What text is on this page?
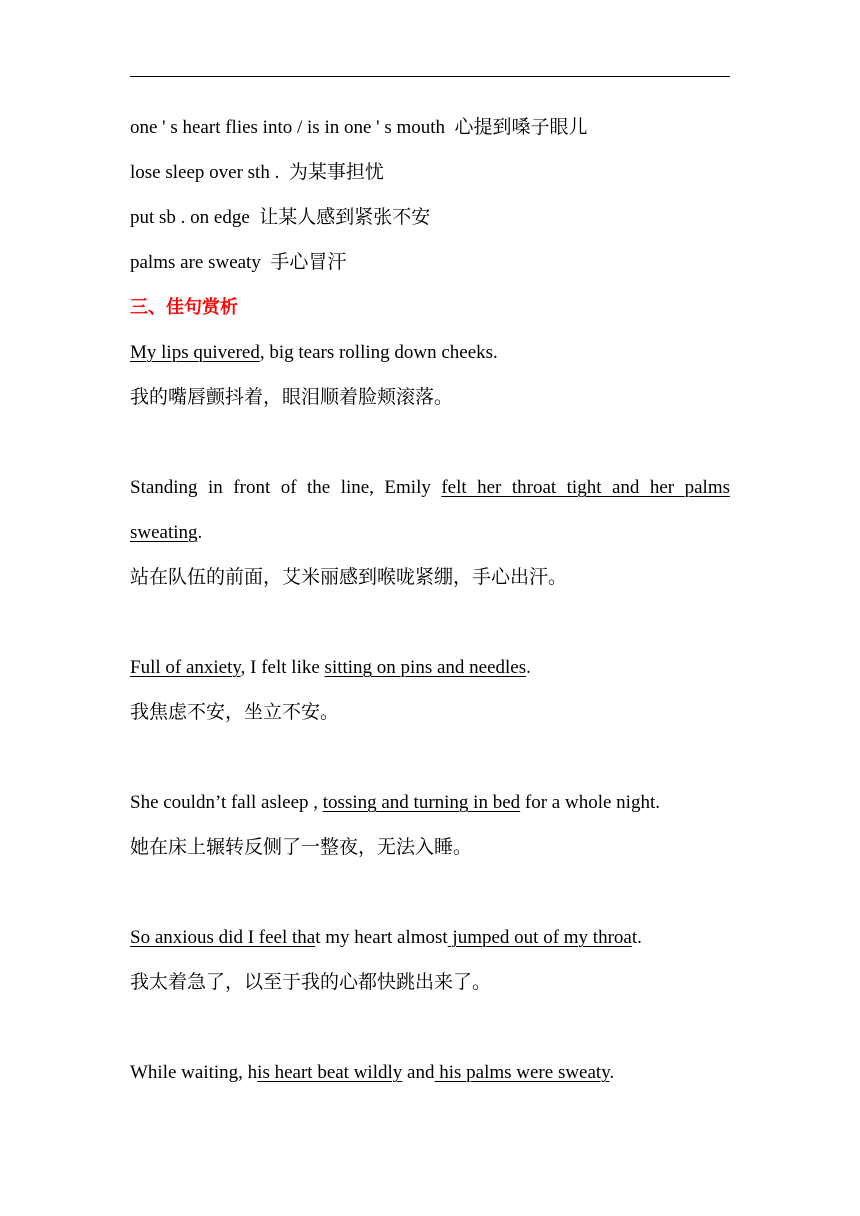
one ' s heart flies into / is in one ' s mouth 心提到嗓子眼儿
lose sleep over sth . 为某事担忧
put sb . on edge 让某人感到紧张不安
palms are sweaty 手心冒汗
三、佳句赏析
My lips quivered, big tears rolling down cheeks.
我的嘴唇颤抖着，眼泪顺着脸颊滚落。
Standing in front of the line, Emily felt her throat tight and her palms
sweating.
站在队伍的前面，艾米丽感到喉咙紧绷，手心出汗。
Full of anxiety, I felt like sitting on pins and needles.
我焦虑不安，坐立不安。
She couldn’t fall asleep , tossing and turning in bed for a whole night.
她在床上辗转反侧了一整夜，无法入睡。
So anxious did I feel that my heart almost jumped out of my throat.
我太着急了，以至于我的心都快跳出来了。
While waiting, his heart beat wildly and his palms were sweaty.
